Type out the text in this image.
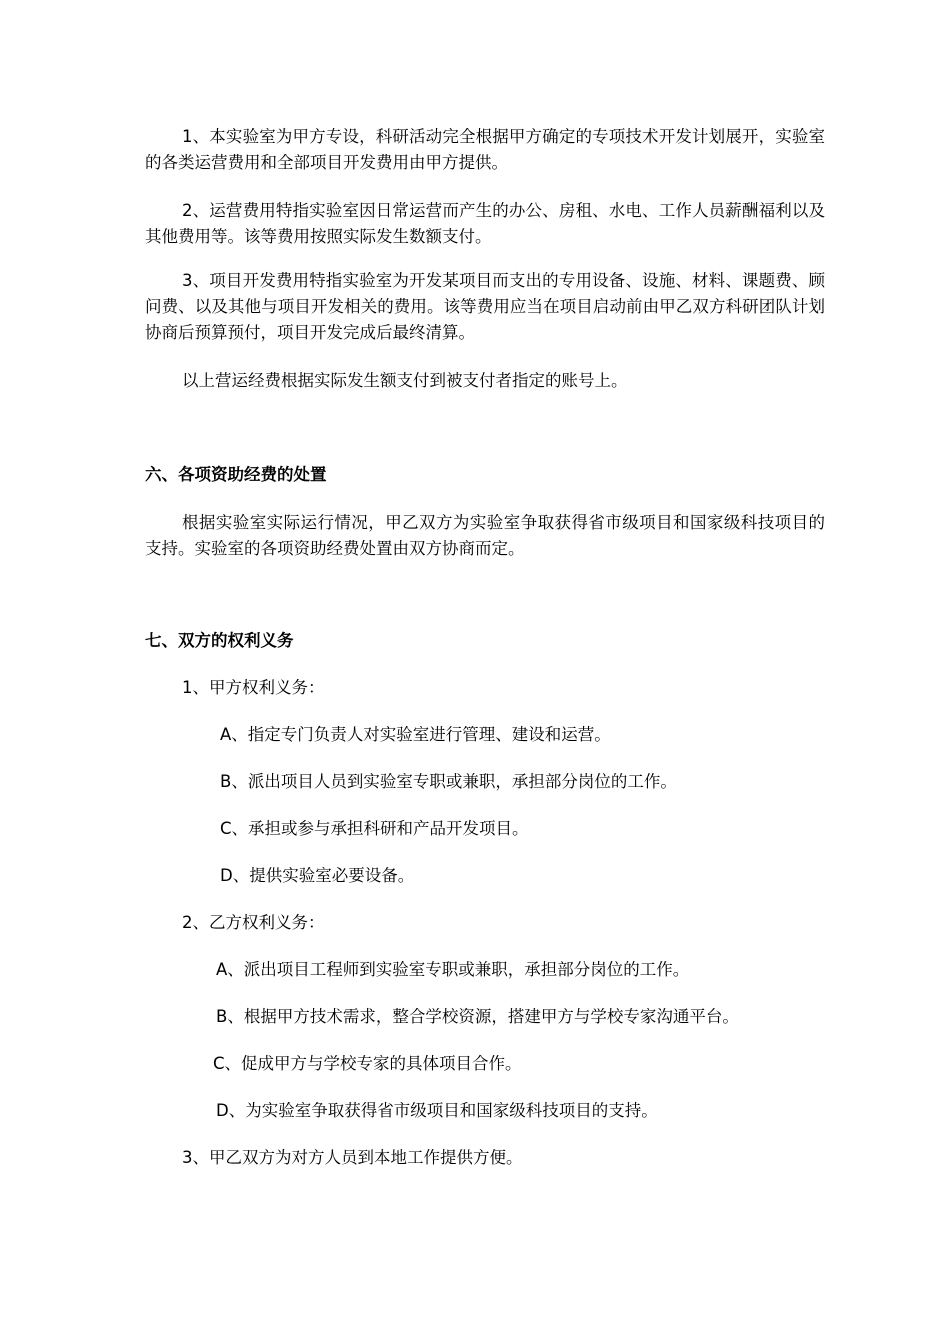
1、本实验室为甲方专设，科研活动完全根据甲方确定的专项技术开发计划展开，实验室的各类运营费用和全部项目开发费用由甲方提供。

2、运营费用特指实验室因日常运营而产生的办公、房租、水电、工作人员薪酬福利以及其他费用等。该等费用按照实际发生数额支付。

3、项目开发费用特指实验室为开发某项目而支出的专用设备、设施、材料、课题费、顾问费、以及其他与项目开发相关的费用。该等费用应当在项目启动前由甲乙双方科研团队计划协商后预算预付，项目开发完成后最终清算。

以上营运经费根据实际发生额支付到被支付者指定的账号上。

六、各项资助经费的处置

根据实验室实际运行情况，甲乙双方为实验室争取获得省市级项目和国家级科技项目的支持。实验室的各项资助经费处置由双方协商而定。

七、双方的权利义务

1、甲方权利义务：

A、指定专门负责人对实验室进行管理、建设和运营。

B、派出项目人员到实验室专职或兼职，承担部分岗位的工作。

C、承担或参与承担科研和产品开发项目。

D、提供实验室必要设备。

2、乙方权利义务：

A、派出项目工程师到实验室专职或兼职，承担部分岗位的工作。

B、根据甲方技术需求，整合学校资源，搭建甲方与学校专家沟通平台。

C、促成甲方与学校专家的具体项目合作。

D、为实验室争取获得省市级项目和国家级科技项目的支持。

3、甲乙双方为对方人员到本地工作提供方便。
